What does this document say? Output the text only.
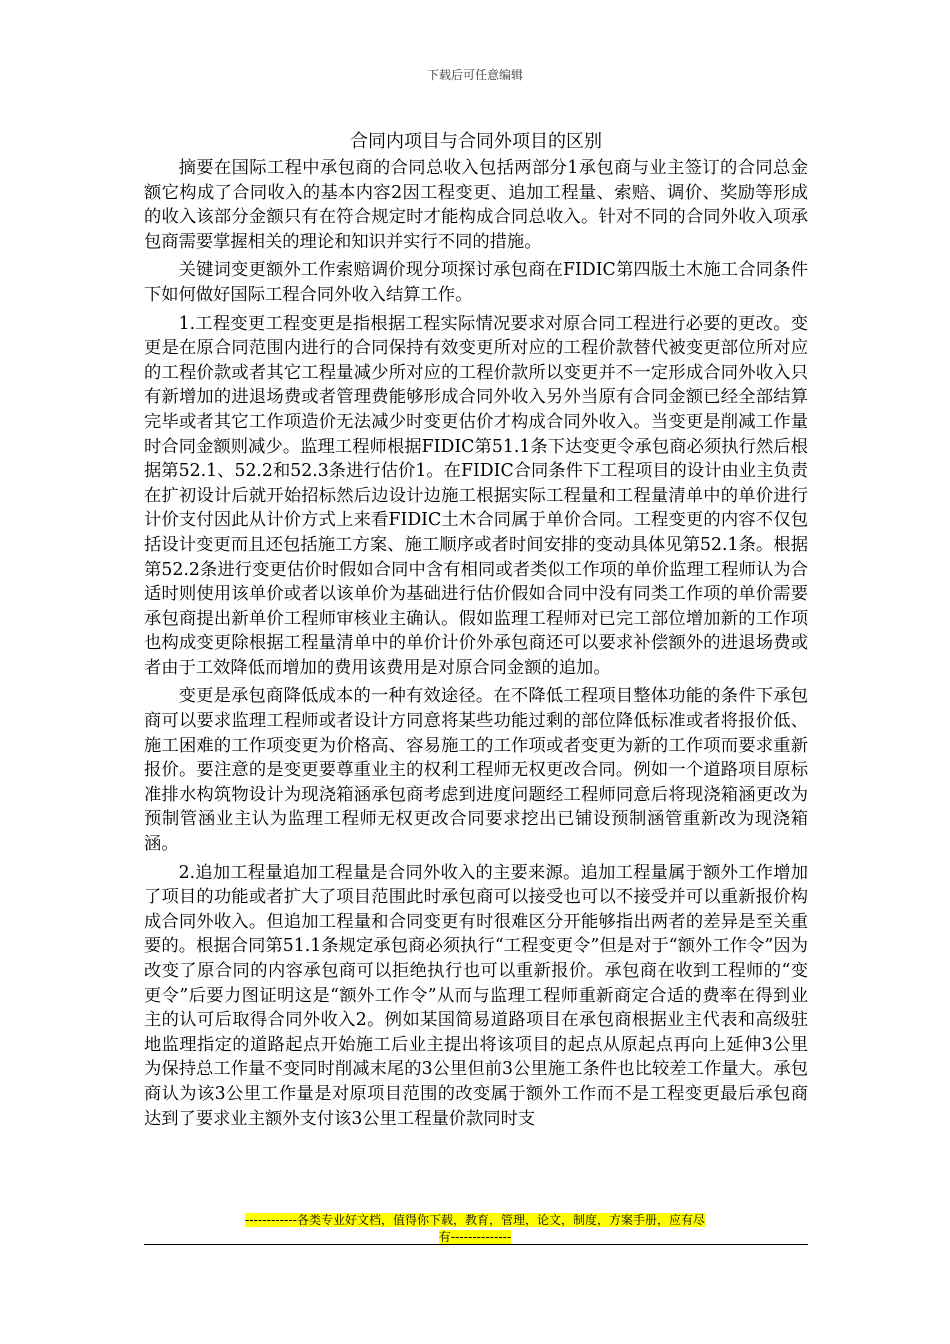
下载后可任意编辑
合同内项目与合同外项目的区别

摘要在国际工程中承包商的合同总收入包括两部分1承包商与业主签订的合同总金额它构成了合同收入的基本内容2因工程变更、追加工程量、索赔、调价、奖励等形成的收入该部分金额只有在符合规定时才能构成合同总收入。针对不同的合同外收入项承包商需要掌握相关的理论和知识并实行不同的措施。

关键词变更额外工作索赔调价现分项探讨承包商在FIDIC第四版土木施工合同条件下如何做好国际工程合同外收入结算工作。

1.工程变更工程变更是指根据工程实际情况要求对原合同工程进行必要的更改。变更是在原合同范围内进行的合同保持有效变更所对应的工程价款替代被变更部位所对应的工程价款或者其它工程量减少所对应的工程价款所以变更并不一定形成合同外收入只有新增加的进退场费或者管理费能够形成合同外收入另外当原有合同金额已经全部结算完毕或者其它工作项造价无法减少时变更估价才构成合同外收入。当变更是削减工作量时合同金额则减少。监理工程师根据FIDIC第51.1条下达变更令承包商必须执行然后根据第52.1、52.2和52.3条进行估价1。在FIDIC合同条件下工程项目的设计由业主负责在扩初设计后就开始招标然后边设计边施工根据实际工程量和工程量清单中的单价进行计价支付因此从计价方式上来看FIDIC土木合同属于单价合同。工程变更的内容不仅包括设计变更而且还包括施工方案、施工顺序或者时间安排的变动具体见第52.1条。根据第52.2条进行变更估价时假如合同中含有相同或者类似工作项的单价监理工程师认为合适时则使用该单价或者以该单价为基础进行估价假如合同中没有同类工作项的单价需要承包商提出新单价工程师审核业主确认。假如监理工程师对已完工部位增加新的工作项也构成变更除根据工程量清单中的单价计价外承包商还可以要求补偿额外的进退场费或者由于工效降低而增加的费用该费用是对原合同金额的追加。

变更是承包商降低成本的一种有效途径。在不降低工程项目整体功能的条件下承包商可以要求监理工程师或者设计方同意将某些功能过剩的部位降低标准或者将报价低、施工困难的工作项变更为价格高、容易施工的工作项或者变更为新的工作项而要求重新报价。要注意的是变更要尊重业主的权利工程师无权更改合同。例如一个道路项目原标准排水构筑物设计为现浇箱涵承包商考虑到进度问题经工程师同意后将现浇箱涵更改为预制管涵业主认为监理工程师无权更改合同要求挖出已铺设预制涵管重新改为现浇箱涵。

2.追加工程量追加工程量是合同外收入的主要来源。追加工程量属于额外工作增加了项目的功能或者扩大了项目范围此时承包商可以接受也可以不接受并可以重新报价构成合同外收入。但追加工程量和合同变更有时很难区分开能够指出两者的差异是至关重要的。根据合同第51.1条规定承包商必须执行“工程变更令”但是对于“额外工作令”因为改变了原合同的内容承包商可以拒绝执行也可以重新报价。承包商在收到工程师的“变更令”后要力图证明这是“额外工作令”从而与监理工程师重新商定合适的费率在得到业主的认可后取得合同外收入2。例如某国简易道路项目在承包商根据业主代表和高级驻地监理指定的道路起点开始施工后业主提出将该项目的起点从原起点再向上延伸3公里为保持总工作量不变同时削减末尾的3公里但前3公里施工条件也比较差工作量大。承包商认为该3公里工作量是对原项目范围的改变属于额外工作而不是工程变更最后承包商达到了要求业主额外支付该3公里工程量价款同时支

------------各类专业好文档，值得你下载，教育，管理，论文，制度，方案手册，应有尽
有--------------
